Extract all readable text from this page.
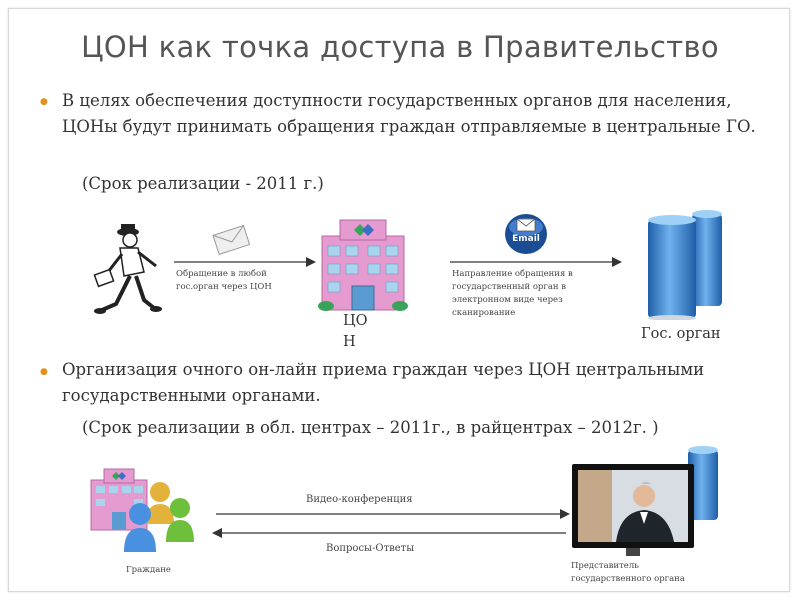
ЦОН как точка доступа в Правительство
●
В целях обеспечения доступности государственных органов для населения, ЦОНы будут принимать обращения граждан отправляемые в центральные ГО.
(Срок реализации - 2011 г.)
Обращение в любой гос.орган через ЦОН
ЦО
Н
Email
Направление обращения в государственный орган в электронном виде через сканирование
Гос. орган
●
Организация очного он-лайн приема граждан через ЦОН центральными государственными органами.
(Срок реализации в обл. центрах – 2011г., в райцентрах – 2012г. )
Граждане
Видео-конференция
Вопросы-Ответы
Представитель государственного органа
